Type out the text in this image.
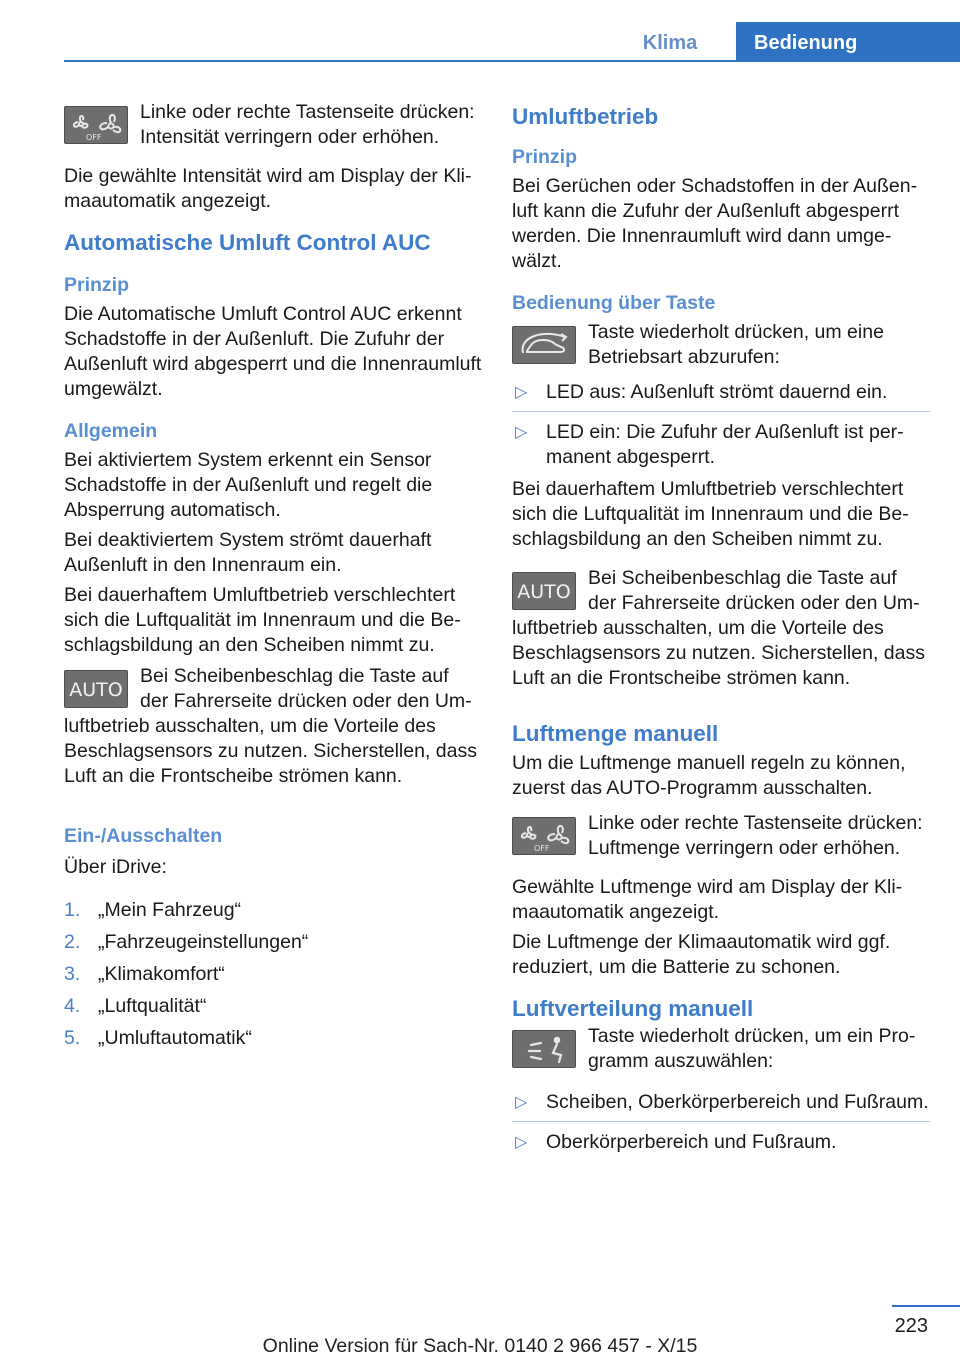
Klima	Bedienung
OFF

Linke oder rechte Tastenseite drücken: Intensität verringern oder erhöhen.

Die gewählte Intensität wird am Display der Klimaautomatik angezeigt.

Automatische Umluft Control AUC
Prinzip

Die Automatische Umluft Control AUC erkennt Schadstoffe in der Außenluft. Die Zufuhr der Außenluft wird abgesperrt und die Innenraumluft umgewälzt.

Allgemein

Bei aktiviertem System erkennt ein Sensor Schadstoffe in der Außenluft und regelt die Absperrung automatisch.

Bei deaktiviertem System strömt dauerhaft Außenluft in den Innenraum ein.

Bei dauerhaftem Umluftbetrieb verschlechtert sich die Luftqualität im Innenraum und die Beschlagsbildung an den Scheiben nimmt zu.

AUTO

Bei Scheibenbeschlag die Taste auf der Fahrerseite drücken oder den Umluftbetrieb ausschalten, um die Vorteile des Beschlagsensors zu nutzen. Sicherstellen, dass Luft an die Frontscheibe strömen kann.

Ein-/Ausschalten

Über iDrive:

1. „Mein Fahrzeug“
2. „Fahrzeugeinstellungen“
3. „Klimakomfort“
4. „Luftqualität“
5. „Umluftautomatik“
Umluftbetrieb
Prinzip

Bei Gerüchen oder Schadstoffen in der Außenluft kann die Zufuhr der Außenluft abgesperrt werden. Die Innenraumluft wird dann umgewälzt.

Bedienung über Taste

Taste wiederholt drücken, um eine Betriebsart abzurufen:

▷ LED aus: Außenluft strömt dauernd ein.
▷ LED ein: Die Zufuhr der Außenluft ist permanent abgesperrt.

Bei dauerhaftem Umluftbetrieb verschlechtert sich die Luftqualität im Innenraum und die Beschlagsbildung an den Scheiben nimmt zu.

AUTO

Bei Scheibenbeschlag die Taste auf der Fahrerseite drücken oder den Umluftbetrieb ausschalten, um die Vorteile des Beschlagsensors zu nutzen. Sicherstellen, dass Luft an die Frontscheibe strömen kann.

Luftmenge manuell

Um die Luftmenge manuell regeln zu können, zuerst das AUTO-Programm ausschalten.

OFF

Linke oder rechte Tastenseite drücken: Luftmenge verringern oder erhöhen.

Gewählte Luftmenge wird am Display der Klimaautomatik angezeigt.

Die Luftmenge der Klimaautomatik wird ggf. reduziert, um die Batterie zu schonen.

Luftverteilung manuell

Taste wiederholt drücken, um ein Programm auszuwählen:

▷ Scheiben, Oberkörperbereich und Fußraum.
▷ Oberkörperbereich und Fußraum.
223
Online Version für Sach-Nr. 0140 2 966 457 - X/15
